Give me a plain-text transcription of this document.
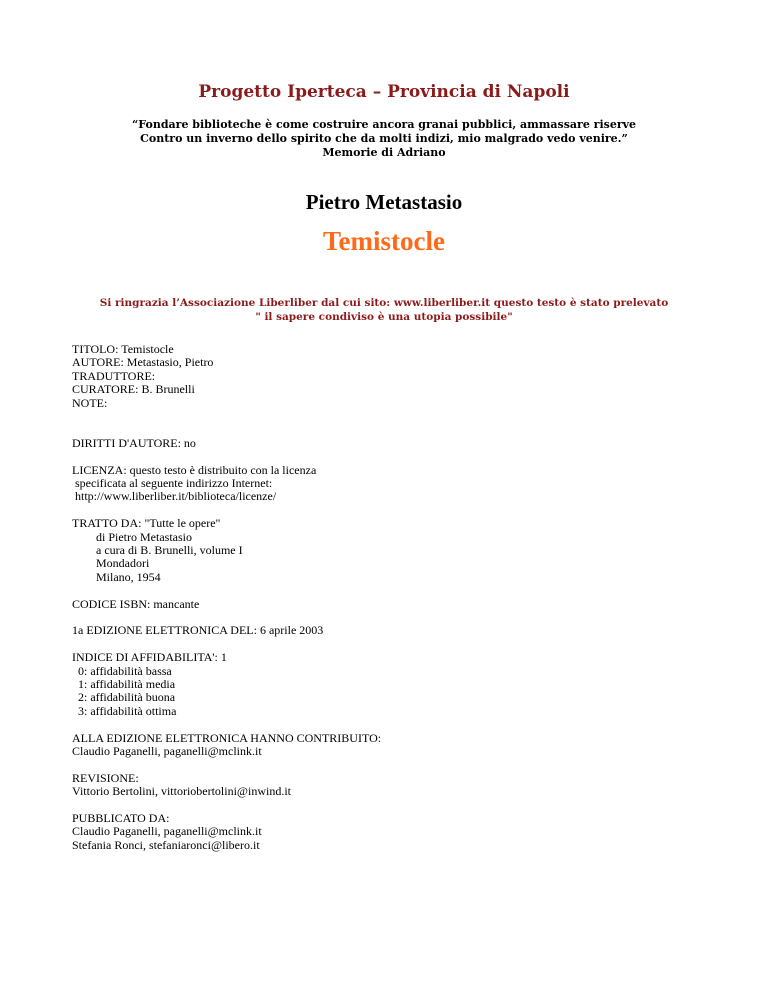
Progetto Iperteca – Provincia di Napoli
“Fondare biblioteche è come costruire ancora granai pubblici, ammassare riserve
Contro un inverno dello spirito che da molti indizi, mio malgrado vedo venire.”
Memorie di Adriano
Pietro Metastasio
Temistocle
Si ringrazia l’Associazione Liberliber dal cui sito: www.liberliber.it questo testo è stato prelevato
" il sapere condiviso è una utopia possibile"
TITOLO: Temistocle
AUTORE: Metastasio, Pietro
TRADUTTORE:
CURATORE: B. Brunelli
NOTE:
DIRITTI D'AUTORE: no
LICENZA: questo testo è distribuito con la licenza
specificata al seguente indirizzo Internet:
http://www.liberliber.it/biblioteca/licenze/
TRATTO DA: "Tutte le opere"
di Pietro Metastasio
a cura di B. Brunelli, volume I
Mondadori
Milano, 1954
CODICE ISBN: mancante
1a EDIZIONE ELETTRONICA DEL: 6 aprile 2003
INDICE DI AFFIDABILITA': 1
0: affidabilità bassa
1: affidabilità media
2: affidabilità buona
3: affidabilità ottima
ALLA EDIZIONE ELETTRONICA HANNO CONTRIBUITO:
Claudio Paganelli, paganelli@mclink.it
REVISIONE:
Vittorio Bertolini, vittoriobertolini@inwind.it
PUBBLICATO DA:
Claudio Paganelli, paganelli@mclink.it
Stefania Ronci, stefaniaronci@libero.it
